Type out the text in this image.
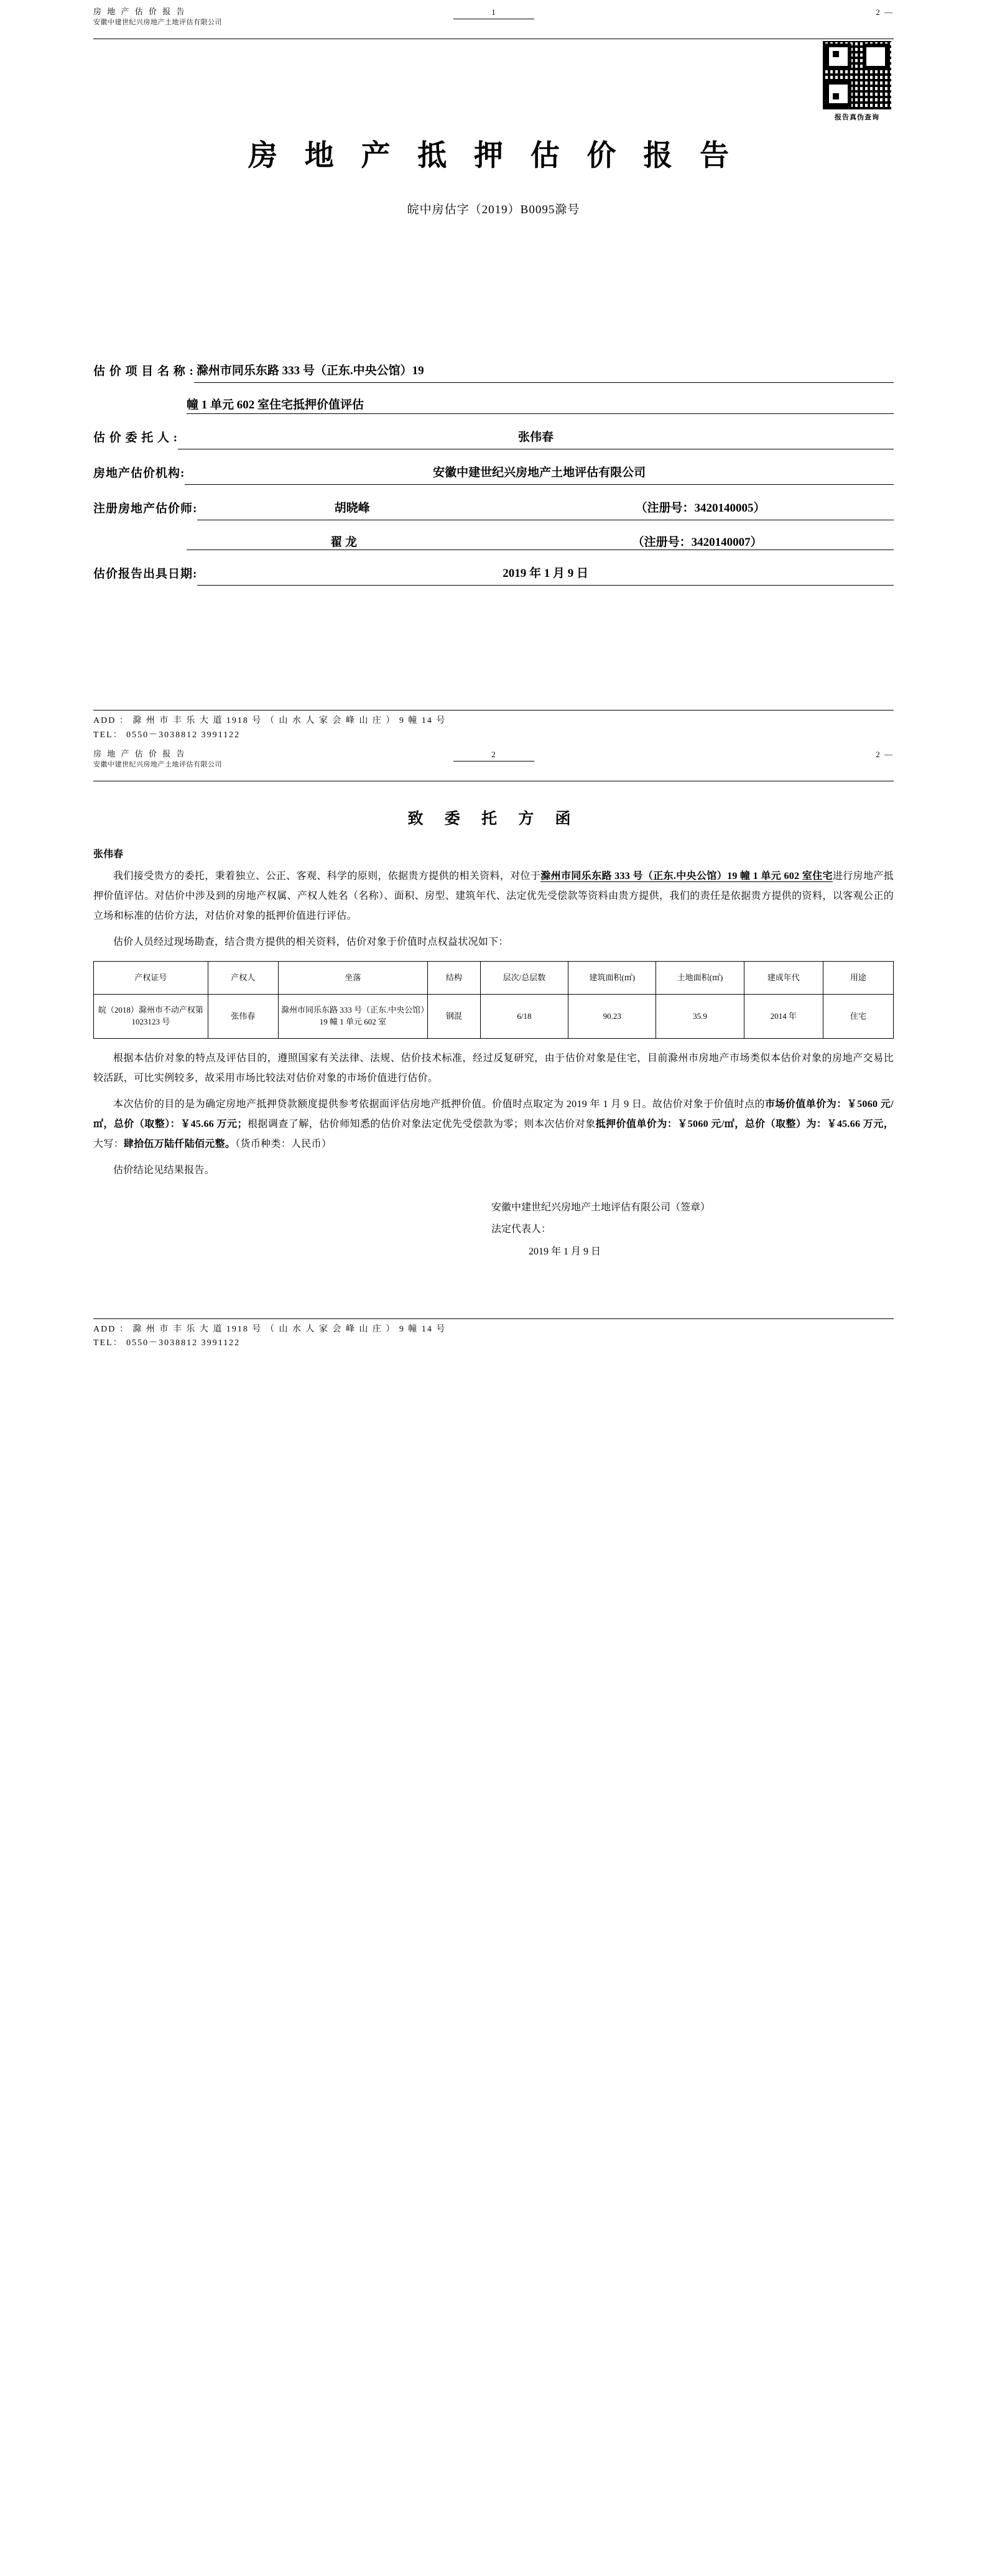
房 地 产 估 价 报 告
安徽中建世纪兴房地产土地评估有限公司
1	2 —
报告真伪查询
房 地 产 抵 押 估 价 报 告
皖中房估字（2019）B0095滁号
估 价 项 目 名 称 : 滁州市同乐东路 333 号（正东.中央公馆）19
幢 1 单元 602 室住宅抵押价值评估
估 价 委 托 人 :	张伟春
房地产估价机构:	安徽中建世纪兴房地产土地评估有限公司
注册房地产估价师:	胡晓峰	（注册号：3420140005）
翟 龙	（注册号：3420140007）
估价报告出具日期:	2019 年 1 月 9 日
ADD ： 滁 州 市 丰 乐 大 道 1918 号 （ 山 水 人 家 会 峰 山 庄 ） 9 幢 14 号
TEL： 0550－3038812 3991122
房 地 产 估 价 报 告
安徽中建世纪兴房地产土地评估有限公司
2	2 —
致 委 托 方 函
张伟春

我们接受贵方的委托，秉着独立、公正、客观、科学的原则，依据贵方提供的相关资料，对位于滁州市同乐东路 333 号（正东.中央公馆）19 幢 1 单元 602 室住宅进行房地产抵押价值评估。对估价中涉及到的房地产权属、产权人姓名（名称）、面积、房型、建筑年代、法定优先受偿款等资料由贵方提供，我们的责任是依据贵方提供的资料，以客观公正的立场和标准的估价方法，对估价对象的抵押价值进行评估。

估价人员经过现场勘查，结合贵方提供的相关资料，估价对象于价值时点权益状况如下：

产权证号	产权人	坐落	结构	层次/总层数	建筑面积(㎡)	土地面积(㎡)	建成年代	用途
皖（2018）滁州市不动产权第 1023123 号	张伟春	滁州市同乐东路 333 号（正东.中央公馆）19 幢 1 单元 602 室	钢混	6/18	90.23	35.9	2014 年	住宅

根据本估价对象的特点及评估目的，遵照国家有关法律、法规、估价技术标准，经过反复研究，由于估价对象是住宅，目前滁州市房地产市场类似本估价对象的房地产交易比较活跃，可比实例较多，故采用市场比较法对估价对象的市场价值进行估价。

本次估价的目的是为确定房地产抵押贷款额度提供参考依据面评估房地产抵押价值。价值时点取定为 2019 年 1 月 9 日。故估价对象于价值时点的市场价值单价为：￥5060 元/㎡，总价（取整）：￥45.66 万元；根据调查了解，估价师知悉的估价对象法定优先受偿款为零；则本次估价对象抵押价值单价为：￥5060 元/㎡，总价（取整）为：￥45.66 万元，大写：肆拾伍万陆仟陆佰元整。（货币种类：人民币）

估价结论见结果报告。

安徽中建世纪兴房地产土地评估有限公司（签章）
法定代表人：
2019 年 1 月 9 日
ADD ： 滁 州 市 丰 乐 大 道 1918 号 （ 山 水 人 家 会 峰 山 庄 ） 9 幢 14 号
TEL： 0550－3038812 3991122
